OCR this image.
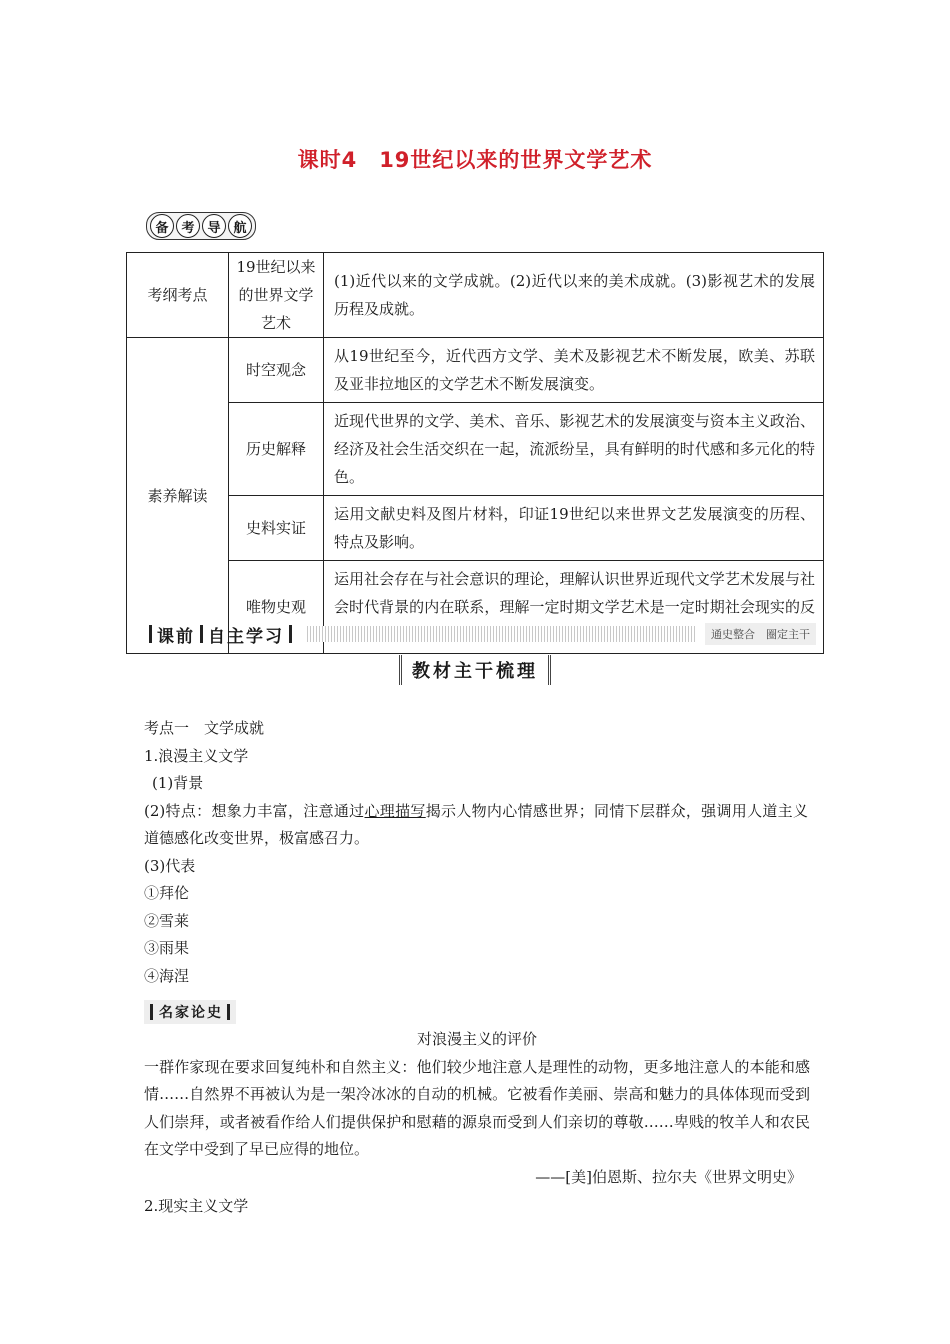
课时4　19世纪以来的世界文学艺术
备 考 导 航
考纲考点	19世纪以来的世界文学艺术	(1)近代以来的文学成就。(2)近代以来的美术成就。(3)影视艺术的发展历程及成就。
素养解读	时空观念	从19世纪至今，近代西方文学、美术及影视艺术不断发展，欧美、苏联及亚非拉地区的文学艺术不断发展演变。
	历史解释	近现代世界的文学、美术、音乐、影视艺术的发展演变与资本主义政治、经济及社会生活交织在一起，流派纷呈，具有鲜明的时代感和多元化的特色。
	史料实证	运用文献史料及图片材料，印证19世纪以来世界文艺发展演变的历程、特点及影响。
	唯物史观	运用社会存在与社会意识的理论，理解认识世界近现代文学艺术发展与社会时代背景的内在联系，理解一定时期文学艺术是一定时期社会现实的反
课前 自主学习	通史整合　圈定主干
教材主干梳理

考点一　文学成就

1.浪漫主义文学

(1)背景

(2)特点：想象力丰富，注意通过心理描写揭示人物内心情感世界；同情下层群众，强调用人道主义道德感化改变世界，极富感召力。

(3)代表

①拜伦

②雪莱

③雨果

④海涅

名家论史
对浪漫主义的评价
一群作家现在要求回复纯朴和自然主义：他们较少地注意人是理性的动物，更多地注意人的本能和感情……自然界不再被认为是一架冷冰冰的自动的机械。它被看作美丽、崇高和魅力的具体体现而受到人们崇拜，或者被看作给人们提供保护和慰藉的源泉而受到人们亲切的尊敬……卑贱的牧羊人和农民在文学中受到了早已应得的地位。
——[美]伯恩斯、拉尔夫《世界文明史》
2.现实主义文学
